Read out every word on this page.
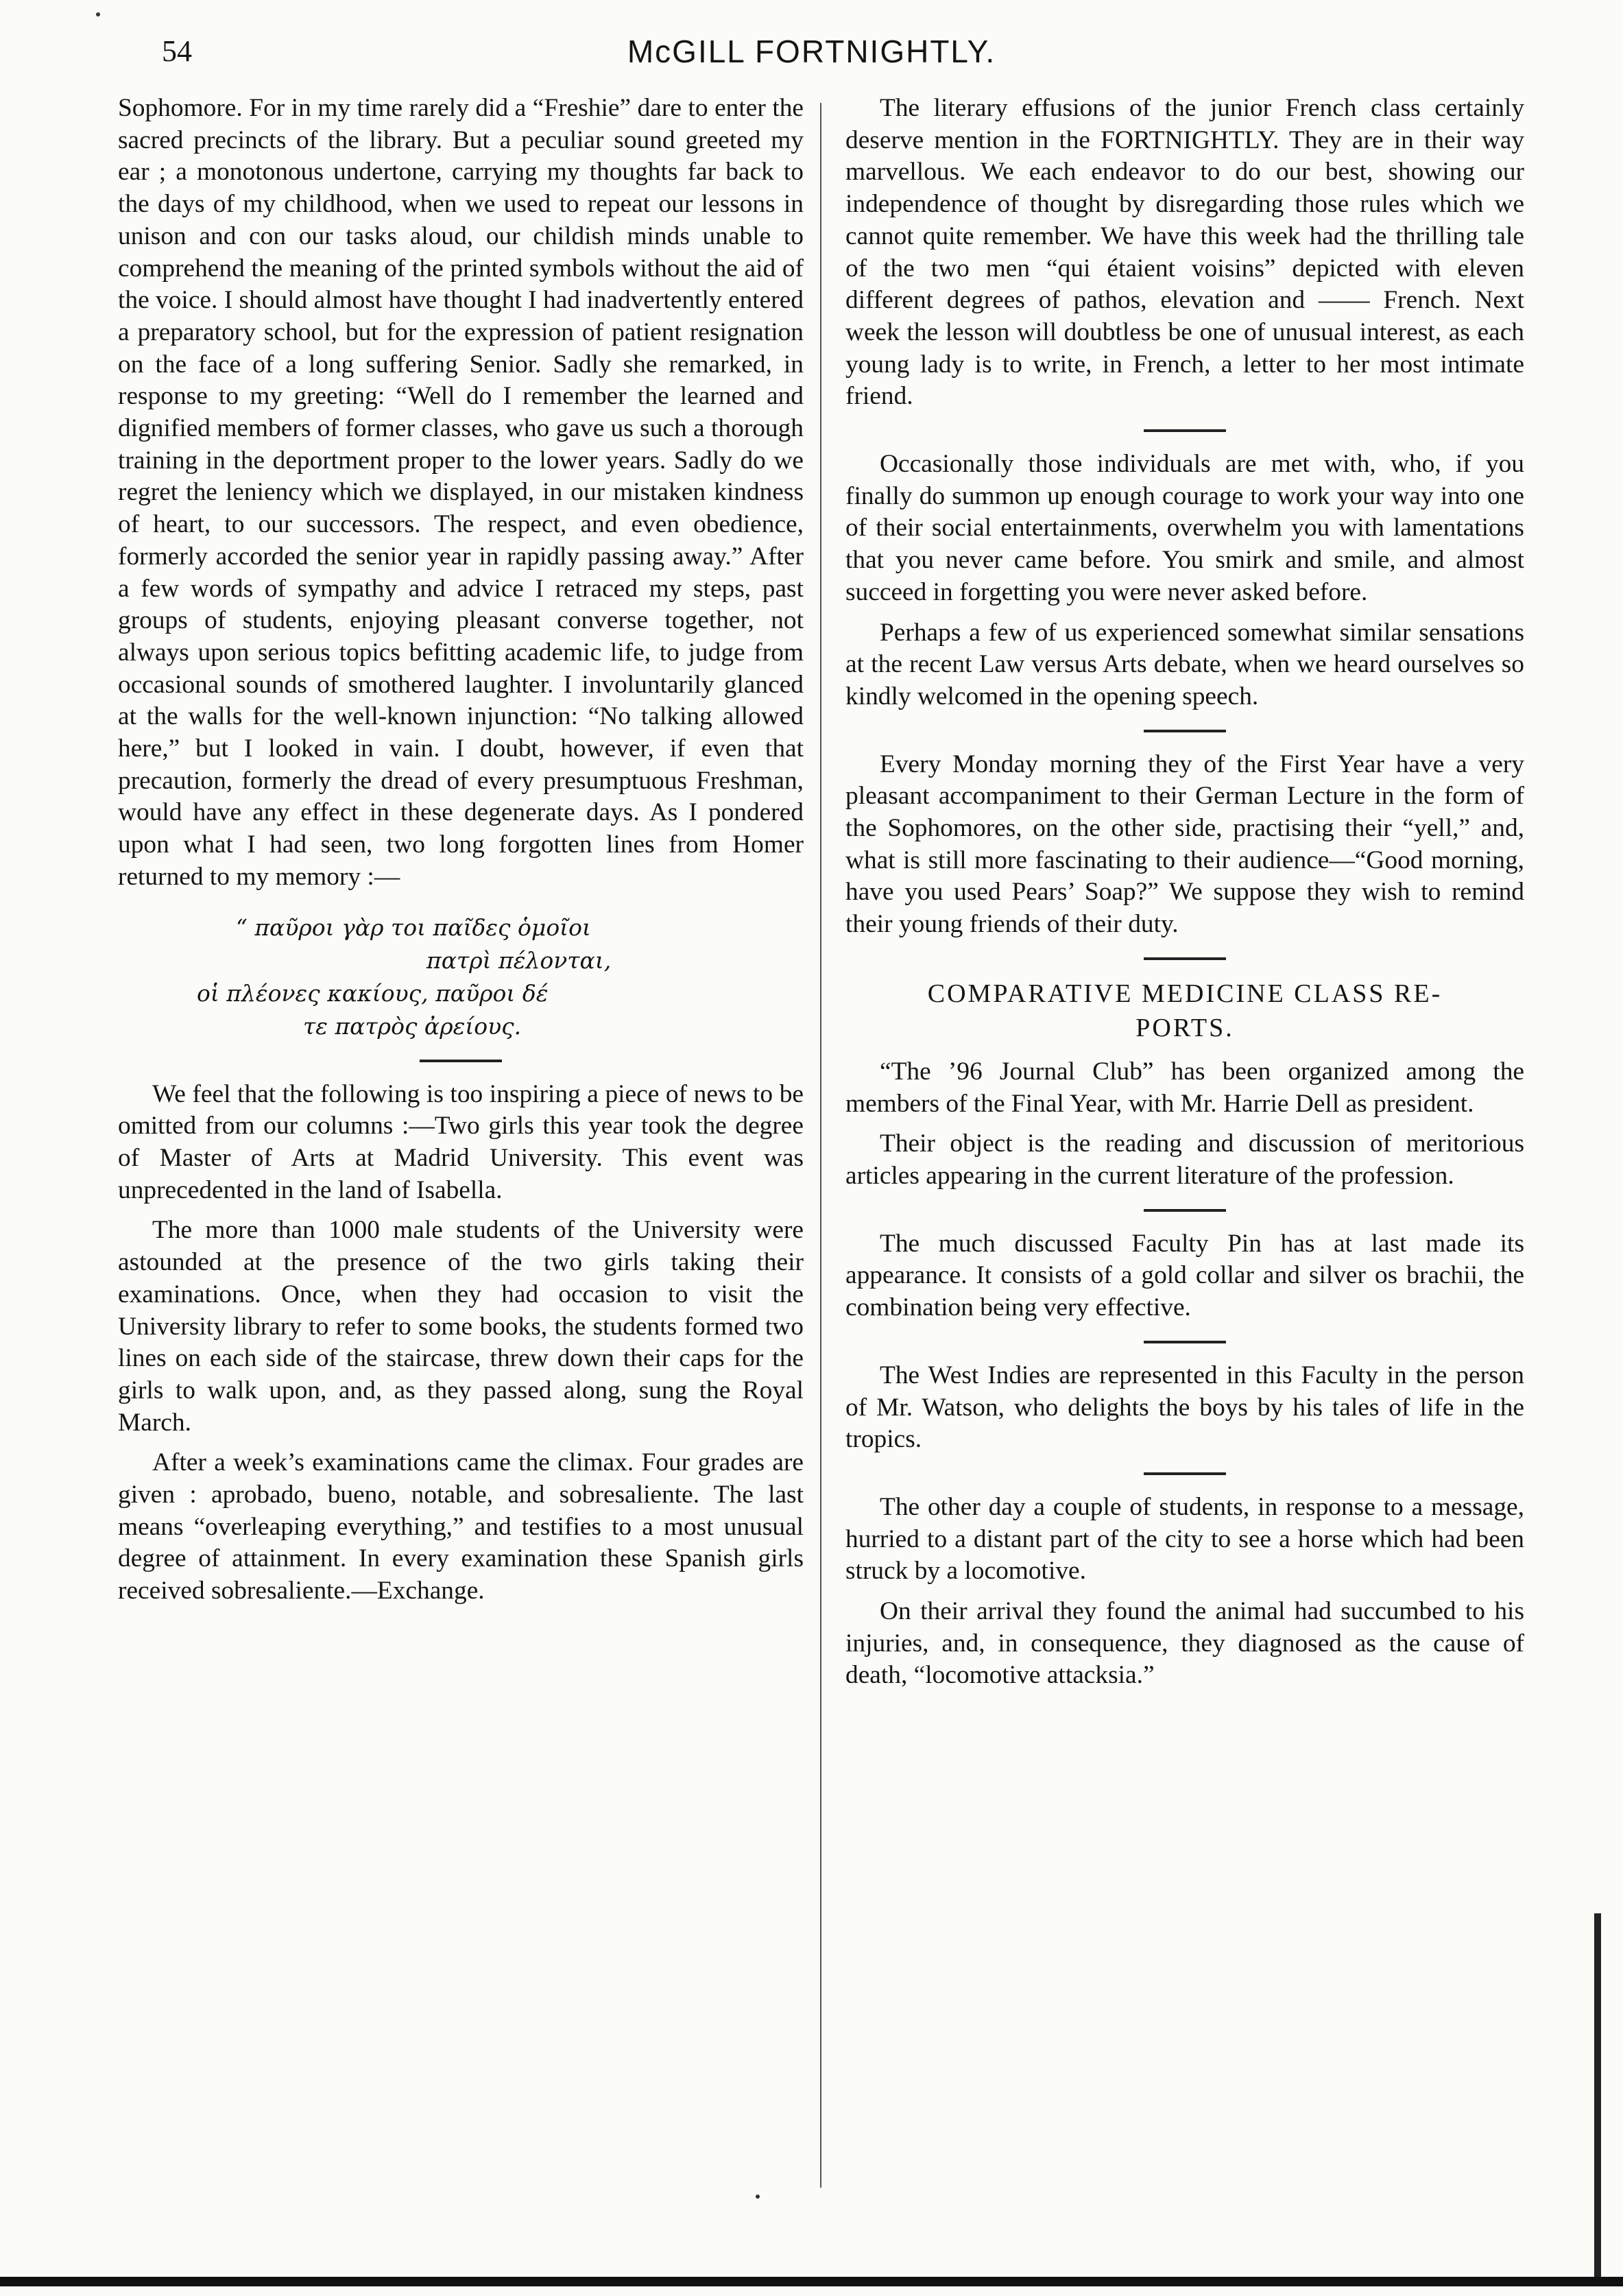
54	McGILL FORTNIGHTLY.

Sophomore. For in my time rarely did a “Freshie” dare to enter the sacred precincts of the library. But a peculiar sound greeted my ear ; a monotonous undertone, carrying my thoughts far back to the days of my childhood, when we used to repeat our lessons in unison and con our tasks aloud, our childish minds unable to comprehend the meaning of the printed symbols without the aid of the voice. I should almost have thought I had inadvertently entered a preparatory school, but for the expression of patient resignation on the face of a long suffering Senior. Sadly she remarked, in response to my greeting: “Well do I remember the learned and dignified members of former classes, who gave us such a thorough training in the deportment proper to the lower years. Sadly do we regret the leniency which we displayed, in our mistaken kindness of heart, to our successors. The respect, and even obedience, formerly accorded the senior year in rapidly passing away.” After a few words of sympathy and advice I retraced my steps, past groups of students, enjoying pleasant converse together, not always upon serious topics befitting academic life, to judge from occasional sounds of smothered laughter. I involuntarily glanced at the walls for the well-known injunction: “No talking allowed here,” but I looked in vain. I doubt, however, if even that precaution, formerly the dread of every presumptuous Freshman, would have any effect in these degenerate days. As I pondered upon what I had seen, two long forgotten lines from Homer returned to my memory :—

“ παῦροι γὰρ τοι παῖδες ὁμοῖοι
πατρὶ πέλονται,
οἱ πλέονες κακίους, παῦροι δέ
τε πατρὸς ἀρείους.

We feel that the following is too inspiring a piece of news to be omitted from our columns :—Two girls this year took the degree of Master of Arts at Madrid University. This event was unprecedented in the land of Isabella.

The more than 1000 male students of the University were astounded at the presence of the two girls taking their examinations. Once, when they had occasion to visit the University library to refer to some books, the students formed two lines on each side of the staircase, threw down their caps for the girls to walk upon, and, as they passed along, sung the Royal March.

After a week’s examinations came the climax. Four grades are given : aprobado, bueno, notable, and sobresaliente. The last means “overleaping everything,” and testifies to a most unusual degree of attainment. In every examination these Spanish girls received sobresaliente.—Exchange.

The literary effusions of the junior French class certainly deserve mention in the FORTNIGHTLY. They are in their way marvellous. We each endeavor to do our best, showing our independence of thought by disregarding those rules which we cannot quite remember. We have this week had the thrilling tale of the two men “qui étaient voisins” depicted with eleven different degrees of pathos, elevation and —— French. Next week the lesson will doubtless be one of unusual interest, as each young lady is to write, in French, a letter to her most intimate friend.

Occasionally those individuals are met with, who, if you finally do summon up enough courage to work your way into one of their social entertainments, overwhelm you with lamentations that you never came before. You smirk and smile, and almost succeed in forgetting you were never asked before.

Perhaps a few of us experienced somewhat similar sensations at the recent Law versus Arts debate, when we heard ourselves so kindly welcomed in the opening speech.

Every Monday morning they of the First Year have a very pleasant accompaniment to their German Lecture in the form of the Sophomores, on the other side, practising their “yell,” and, what is still more fascinating to their audience—“Good morning, have you used Pears’ Soap?” We suppose they wish to remind their young friends of their duty.

COMPARATIVE MEDICINE CLASS RE-
PORTS.

“The ’96 Journal Club” has been organized among the members of the Final Year, with Mr. Harrie Dell as president.

Their object is the reading and discussion of meritorious articles appearing in the current literature of the profession.

The much discussed Faculty Pin has at last made its appearance. It consists of a gold collar and silver os brachii, the combination being very effective.

The West Indies are represented in this Faculty in the person of Mr. Watson, who delights the boys by his tales of life in the tropics.

The other day a couple of students, in response to a message, hurried to a distant part of the city to see a horse which had been struck by a locomotive.

On their arrival they found the animal had succumbed to his injuries, and, in consequence, they diagnosed as the cause of death, “locomotive attacksia.”
